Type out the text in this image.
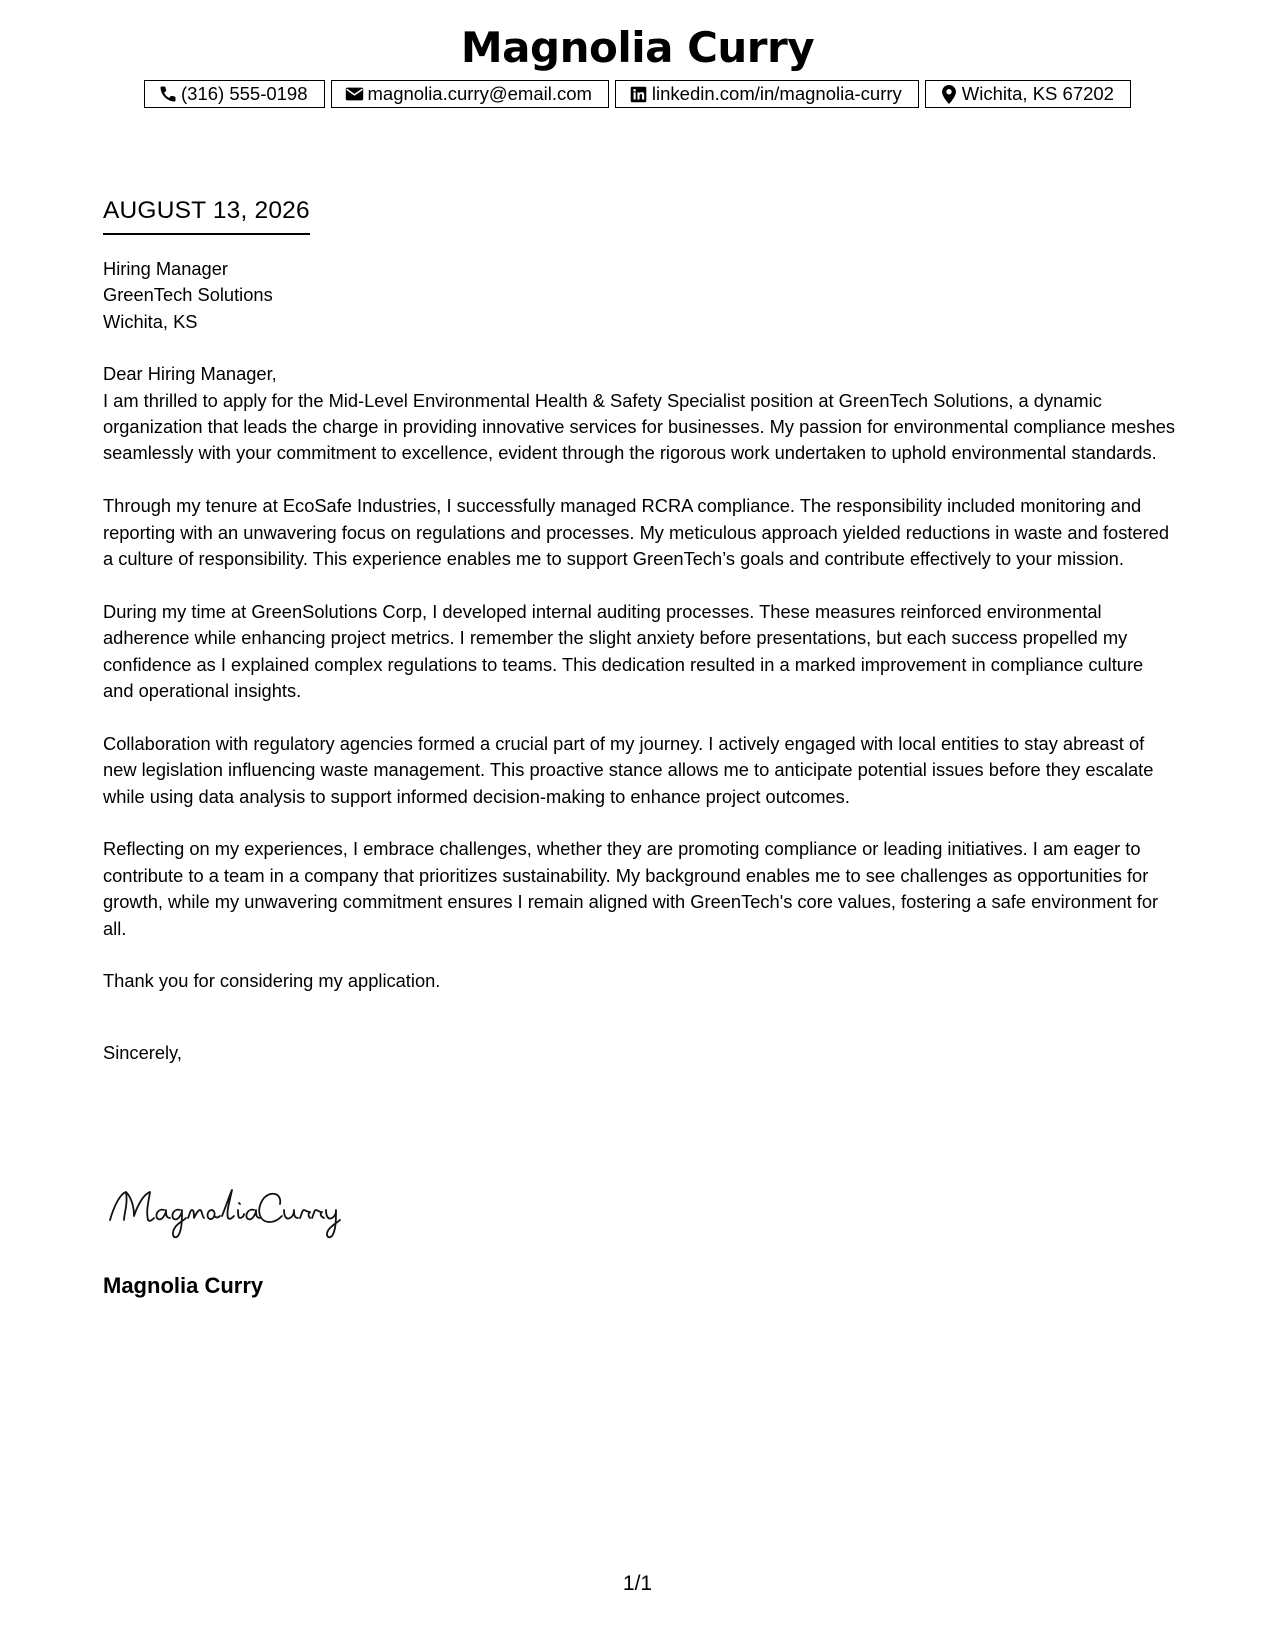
Magnolia Curry
(316) 555-0198	magnolia.curry@email.com	linkedin.com/in/magnolia-curry	Wichita, KS 67202
AUGUST 13, 2026

Hiring Manager

GreenTech Solutions

Wichita, KS

Dear Hiring Manager,

I am thrilled to apply for the Mid-Level Environmental Health & Safety Specialist position at GreenTech Solutions, a dynamic organization that leads the charge in providing innovative services for businesses. My passion for environmental compliance meshes seamlessly with your commitment to excellence, evident through the rigorous work undertaken to uphold environmental standards.

Through my tenure at EcoSafe Industries, I successfully managed RCRA compliance. The responsibility included monitoring and reporting with an unwavering focus on regulations and processes. My meticulous approach yielded reductions in waste and fostered a culture of responsibility. This experience enables me to support GreenTech’s goals and contribute effectively to your mission.

During my time at GreenSolutions Corp, I developed internal auditing processes. These measures reinforced environmental adherence while enhancing project metrics. I remember the slight anxiety before presentations, but each success propelled my confidence as I explained complex regulations to teams. This dedication resulted in a marked improvement in compliance culture and operational insights.

Collaboration with regulatory agencies formed a crucial part of my journey. I actively engaged with local entities to stay abreast of new legislation influencing waste management. This proactive stance allows me to anticipate potential issues before they escalate while using data analysis to support informed decision-making to enhance project outcomes.

Reflecting on my experiences, I embrace challenges, whether they are promoting compliance or leading initiatives. I am eager to contribute to a team in a company that prioritizes sustainability. My background enables me to see challenges as opportunities for growth, while my unwavering commitment ensures I remain aligned with GreenTech's core values, fostering a safe environment for all.

Thank you for considering my application.

Sincerely,

Magnolia Curry
1/1
